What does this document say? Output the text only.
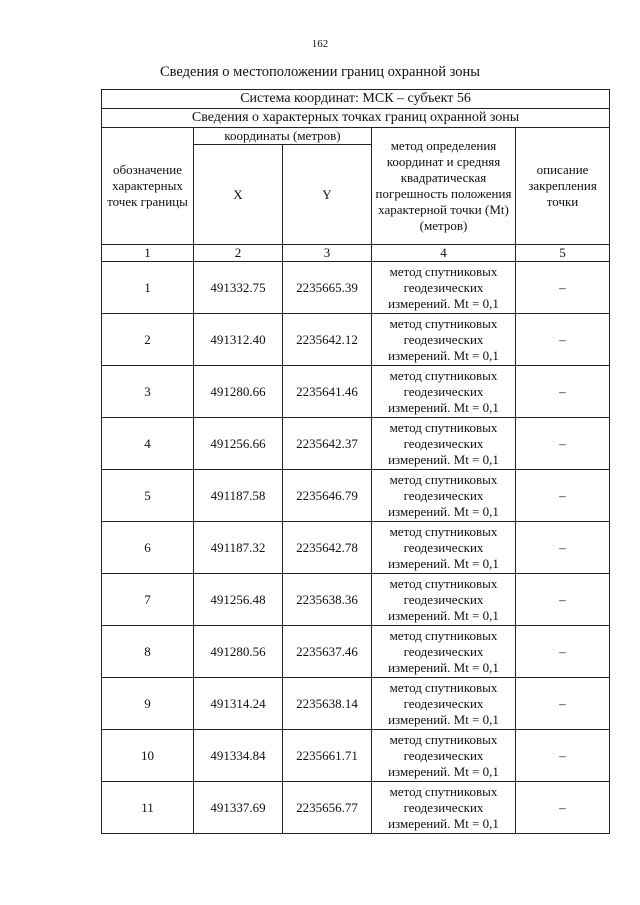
162
Сведения о местоположении границ охранной зоны
Система координат: МСК – субъект 56				
Сведения о характерных точках границ охранной зоны				
обозначение характерных точек границы	координаты (метров)		метод определения координат и средняя квадратическая погрешность положения характерной точки (Mt) (метров)	описание закрепления точки
	X	Y		
1	2	3	4	5
1	491332.75	2235665.39	метод спутниковых геодезических измерений. Mt = 0,1	–
2	491312.40	2235642.12	метод спутниковых геодезических измерений. Mt = 0,1	–
3	491280.66	2235641.46	метод спутниковых геодезических измерений. Mt = 0,1	–
4	491256.66	2235642.37	метод спутниковых геодезических измерений. Mt = 0,1	–
5	491187.58	2235646.79	метод спутниковых геодезических измерений. Mt = 0,1	–
6	491187.32	2235642.78	метод спутниковых геодезических измерений. Mt = 0,1	–
7	491256.48	2235638.36	метод спутниковых геодезических измерений. Mt = 0,1	–
8	491280.56	2235637.46	метод спутниковых геодезических измерений. Mt = 0,1	–
9	491314.24	2235638.14	метод спутниковых геодезических измерений. Mt = 0,1	–
10	491334.84	2235661.71	метод спутниковых геодезических измерений. Mt = 0,1	–
11	491337.69	2235656.77	метод спутниковых геодезических измерений. Mt = 0,1	–
